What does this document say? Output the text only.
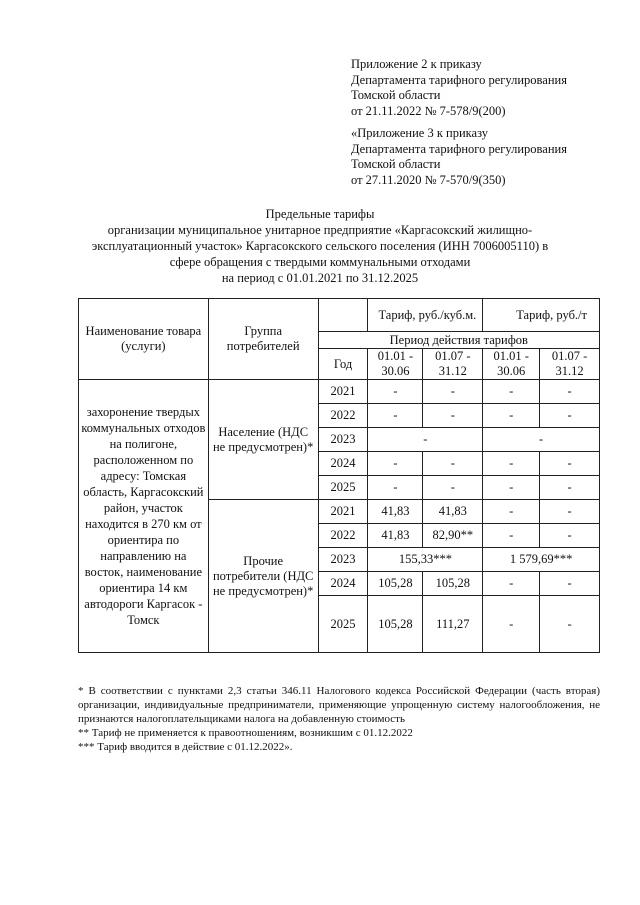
Приложение 2 к приказу
Департамента тарифного регулирования
Томской области
от 21.11.2022 № 7-578/9(200)
«Приложение 3 к приказу
Департамента тарифного регулирования
Томской области
от 27.11.2020 № 7-570/9(350)
Предельные тарифы
организации муниципальное унитарное предприятие «Каргасокский жилищно-
эксплуатационный участок» Каргасокского сельского поселения (ИНН 7006005110) в
сфере обращения с твердыми коммунальными отходами
на период с 01.01.2021 по 31.12.2025
Наименование товара (услуги)	Группа потребителей		Тариф, руб./куб.м.		Тариф, руб./т	
		Период действия тарифов				
		Год	01.01 - 30.06	01.07 - 31.12	01.01 - 30.06	01.07 - 31.12
захоронение твердых коммунальных отходов на полигоне, расположенном по адресу: Томская область, Каргасокский район, участок находится в 270 км от ориентира по направлению на восток, наименование ориентира 14 км автодороги Каргасок - Томск	Население (НДС не предусмотрен)*	2021	-	-	-	-
		2022	-	-	-	-
		2023	-		-	
		2024	-	-	-	-
		2025	-	-	-	-
	Прочие потребители (НДС не предусмотрен)*	2021	41,83	41,83	-	-
		2022	41,83	82,90**	-	-
		2023	155,33***		1 579,69***	
		2024	105,28	105,28	-	-
		2025	105,28	111,27	-	-
* В соответствии с пунктами 2,3 статьи 346.11 Налогового кодекса Российской Федерации (часть вторая) организации, индивидуальные предприниматели, применяющие упрощенную систему налогообложения, не признаются налогоплательщиками налога на добавленную стоимость
** Тариф не применяется к правоотношениям, возникшим с 01.12.2022
*** Тариф вводится в действие с 01.12.2022».
